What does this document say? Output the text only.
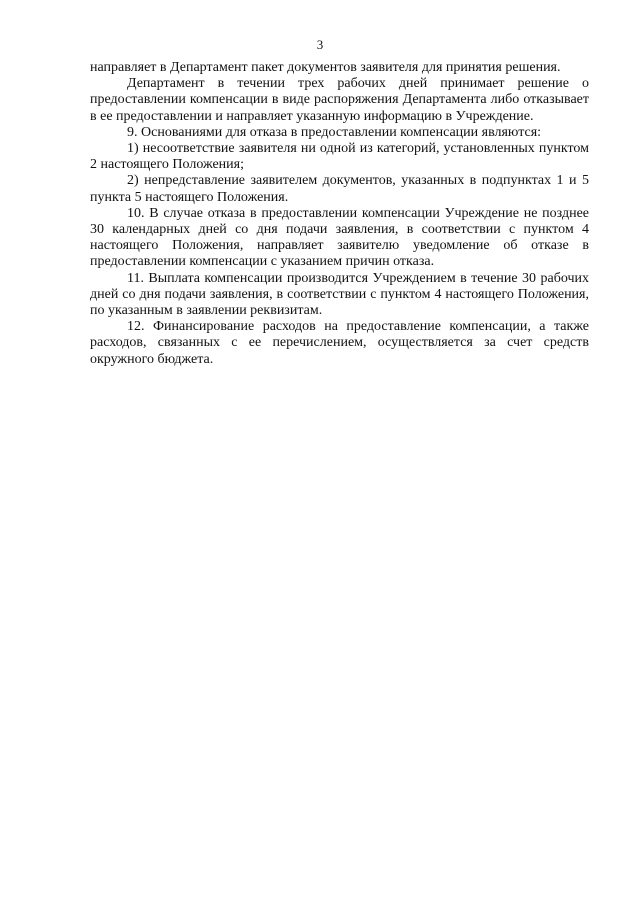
3

направляет в Департамент пакет документов заявителя для принятия решения.

Департамент в течении трех рабочих дней принимает решение о предоставлении компенсации в виде распоряжения Департамента либо отказывает в ее предоставлении и направляет указанную информацию в Учреждение.

9. Основаниями для отказа в предоставлении компенсации являются:

1) несоответствие заявителя ни одной из категорий, установленных пунктом 2 настоящего Положения;

2) непредставление заявителем документов, указанных в подпунктах 1 и 5 пункта 5 настоящего Положения.

10. В случае отказа в предоставлении компенсации Учреждение не позднее 30 календарных дней со дня подачи заявления, в соответствии с пунктом 4 настоящего Положения, направляет заявителю уведомление об отказе в предоставлении компенсации с указанием причин отказа.

11. Выплата компенсации производится Учреждением в течение 30 рабочих дней со дня подачи заявления, в соответствии с пунктом 4 настоящего Положения, по указанным в заявлении реквизитам.

12. Финансирование расходов на предоставление компенсации, а также расходов, связанных с ее перечислением, осуществляется за счет средств окружного бюджета.
